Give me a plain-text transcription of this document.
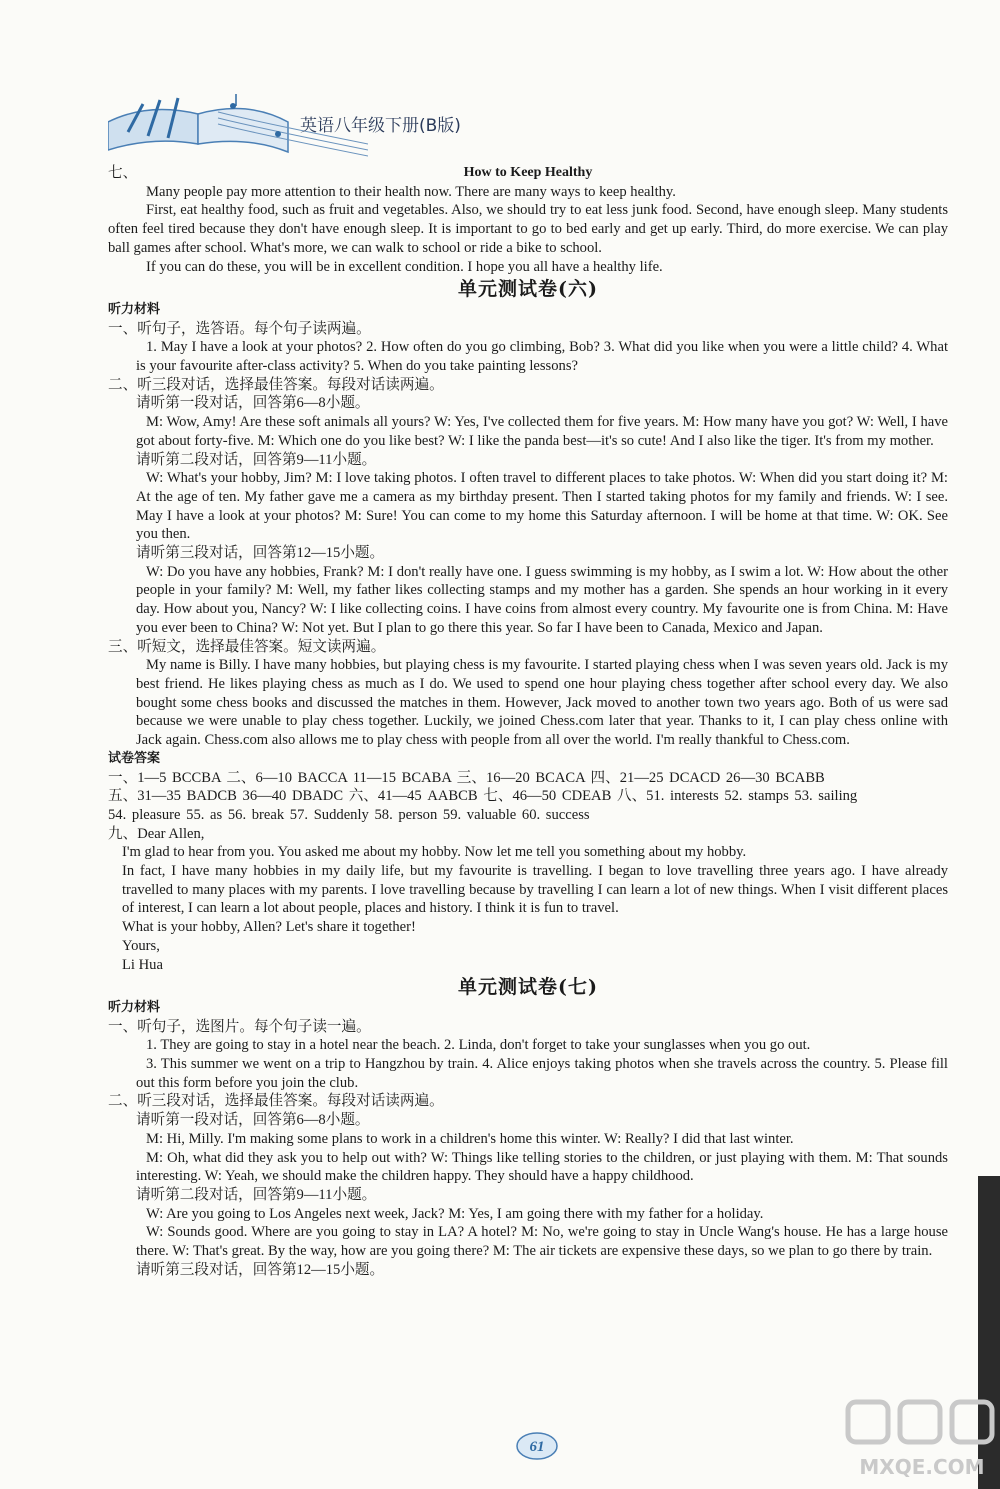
英语八年级下册(B版)

七、	How to Keep Healthy

Many people pay more attention to their health now. There are many ways to keep healthy.

First, eat healthy food, such as fruit and vegetables. Also, we should try to eat less junk food. Second, have enough sleep. Many students often feel tired because they don't have enough sleep. It is important to go to bed early and get up early. Third, do more exercise. We can play ball games after school. What's more, we can walk to school or ride a bike to school.

If you can do these, you will be in excellent condition. I hope you all have a healthy life.

单元测试卷(六)

听力材料

一、听句子，选答语。每个句子读两遍。

1. May I have a look at your photos? 2. How often do you go climbing, Bob? 3. What did you like when you were a little child? 4. What is your favourite after-class activity? 5. When do you take painting lessons?

二、听三段对话，选择最佳答案。每段对话读两遍。

请听第一段对话，回答第6—8小题。

M: Wow, Amy! Are these soft animals all yours? W: Yes, I've collected them for five years. M: How many have you got? W: Well, I have got about forty-five. M: Which one do you like best? W: I like the panda best—it's so cute! And I also like the tiger. It's from my mother.

请听第二段对话，回答第9—11小题。

W: What's your hobby, Jim? M: I love taking photos. I often travel to different places to take photos. W: When did you start doing it? M: At the age of ten. My father gave me a camera as my birthday present. Then I started taking photos for my family and friends. W: I see. May I have a look at your photos? M: Sure! You can come to my home this Saturday afternoon. I will be home at that time. W: OK. See you then.

请听第三段对话，回答第12—15小题。

W: Do you have any hobbies, Frank? M: I don't really have one. I guess swimming is my hobby, as I swim a lot. W: How about the other people in your family? M: Well, my father likes collecting stamps and my mother has a garden. She spends an hour working in it every day. How about you, Nancy? W: I like collecting coins. I have coins from almost every country. My favourite one is from China. M: Have you ever been to China? W: Not yet. But I plan to go there this year. So far I have been to Canada, Mexico and Japan.

三、听短文，选择最佳答案。短文读两遍。

My name is Billy. I have many hobbies, but playing chess is my favourite. I started playing chess when I was seven years old. Jack is my best friend. He likes playing chess as much as I do. We used to spend one hour playing chess together after school every day. We also bought some chess books and discussed the matches in them. However, Jack moved to another town two years ago. Both of us were sad because we were unable to play chess together. Luckily, we joined Chess.com later that year. Thanks to it, I can play chess online with Jack again. Chess.com also allows me to play chess with people from all over the world. I'm really thankful to Chess.com.

试卷答案

一、1—5 BCCBA 二、6—10 BACCA 11—15 BCABA 三、16—20 BCACA 四、21—25 DCACD 26—30 BCABB

五、31—35 BADCB 36—40 DBADC 六、41—45 AABCB 七、46—50 CDEAB 八、51. interests 52. stamps 53. sailing

54. pleasure 55. as 56. break 57. Suddenly 58. person 59. valuable 60. success

九、Dear Allen,

I'm glad to hear from you. You asked me about my hobby. Now let me tell you something about my hobby.

In fact, I have many hobbies in my daily life, but my favourite is travelling. I began to love travelling three years ago. I have already travelled to many places with my parents. I love travelling because by travelling I can learn a lot of new things. When I visit different places of interest, I can learn a lot about people, places and history. I think it is fun to travel.

What is your hobby, Allen? Let's share it together!

Yours,

Li Hua

单元测试卷(七)

听力材料

一、听句子，选图片。每个句子读一遍。

1. They are going to stay in a hotel near the beach. 2. Linda, don't forget to take your sunglasses when you go out.

3. This summer we went on a trip to Hangzhou by train. 4. Alice enjoys taking photos when she travels across the country. 5. Please fill out this form before you join the club.

二、听三段对话，选择最佳答案。每段对话读两遍。

请听第一段对话，回答第6—8小题。

M: Hi, Milly. I'm making some plans to work in a children's home this winter. W: Really? I did that last winter.

M: Oh, what did they ask you to help out with? W: Things like telling stories to the children, or just playing with them. M: That sounds interesting. W: Yeah, we should make the children happy. They should have a happy childhood.

请听第二段对话，回答第9—11小题。

W: Are you going to Los Angeles next week, Jack? M: Yes, I am going there with my father for a holiday.

W: Sounds good. Where are you going to stay in LA? A hotel? M: No, we're going to stay in Uncle Wang's house. He has a large house there. W: That's great. By the way, how are you going there? M: The air tickets are expensive these days, so we plan to go there by train.

请听第三段对话，回答第12—15小题。

61
MXQE.COM
